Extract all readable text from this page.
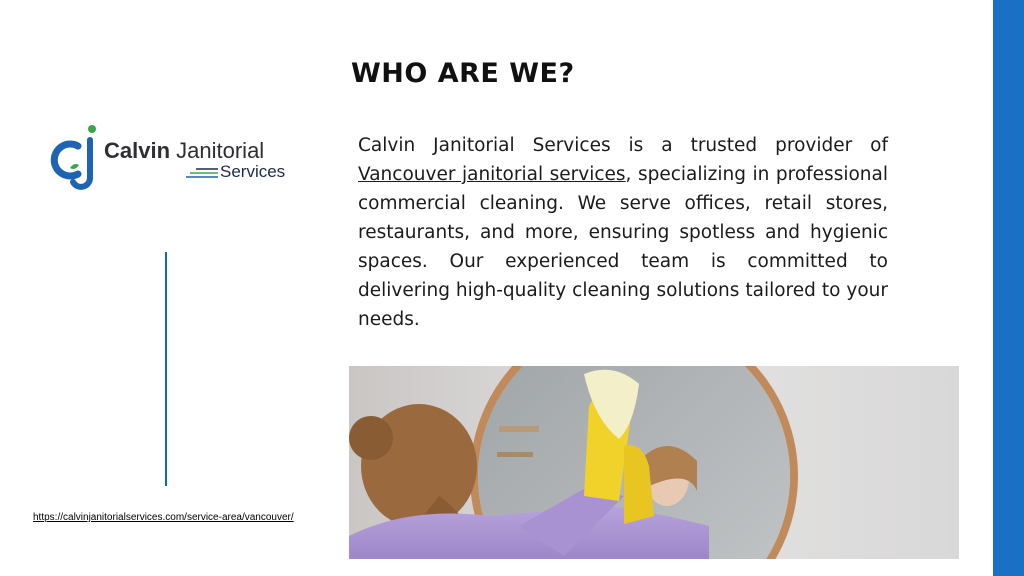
Calvin Janitorial
Services
https://calvinjanitorialservices.com/service-area/vancouver/
WHO ARE WE?

Calvin Janitorial Services is a trusted provider of Vancouver janitorial services, specializing in professional commercial cleaning. We serve offices, retail stores, restaurants, and more, ensuring spotless and hygienic spaces. Our experienced team is committed to delivering high-quality cleaning solutions tailored to your needs.
